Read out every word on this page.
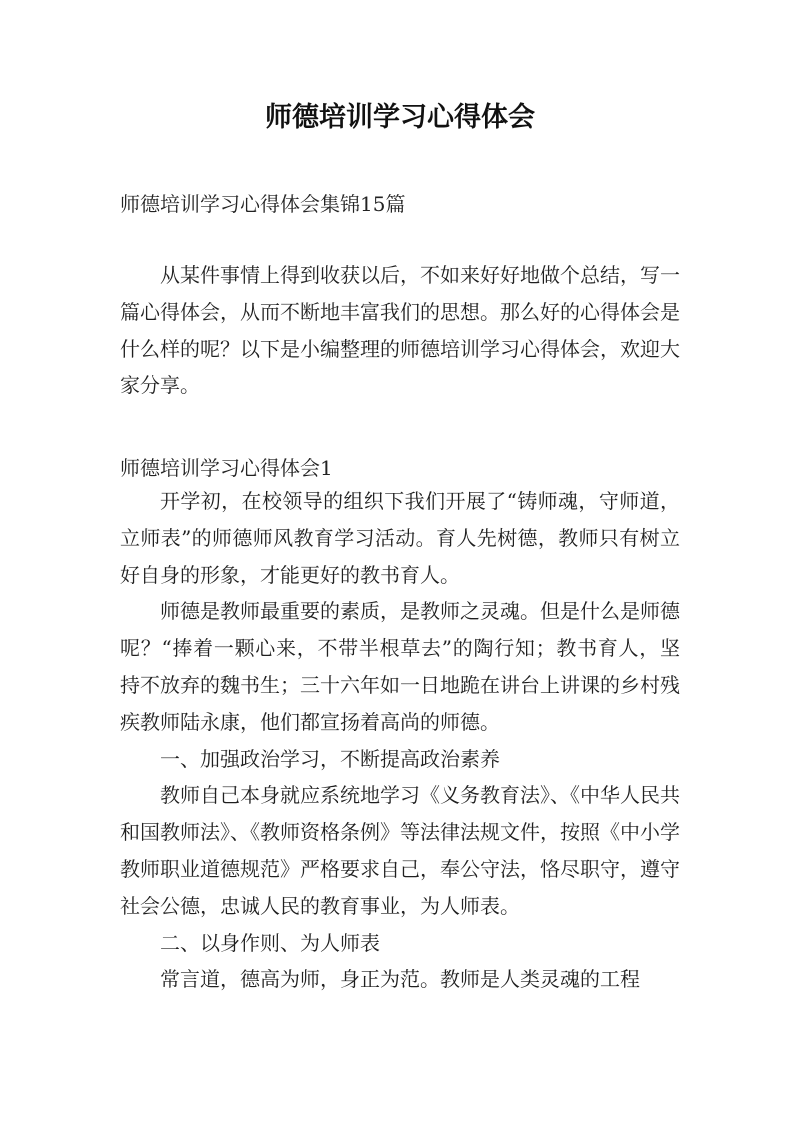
师德培训学习心得体会

师德培训学习心得体会集锦15篇

从某件事情上得到收获以后，不如来好好地做个总结，写一篇心得体会，从而不断地丰富我们的思想。那么好的心得体会是什么样的呢？以下是小编整理的师德培训学习心得体会，欢迎大家分享。

师德培训学习心得体会1

开学初，在校领导的组织下我们开展了“铸师魂，守师道，立师表”的师德师风教育学习活动。育人先树德，教师只有树立好自身的形象，才能更好的教书育人。

师德是教师最重要的素质，是教师之灵魂。但是什么是师德呢？“捧着一颗心来，不带半根草去”的陶行知；教书育人，坚持不放弃的魏书生；三十六年如一日地跪在讲台上讲课的乡村残疾教师陆永康，他们都宣扬着高尚的师德。

一、加强政治学习，不断提高政治素养

教师自己本身就应系统地学习《义务教育法》、《中华人民共和国教师法》、《教师资格条例》等法律法规文件，按照《中小学教师职业道德规范》严格要求自己，奉公守法，恪尽职守，遵守社会公德，忠诚人民的教育事业，为人师表。

二、以身作则、为人师表

常言道，德高为师，身正为范。教师是人类灵魂的工程
